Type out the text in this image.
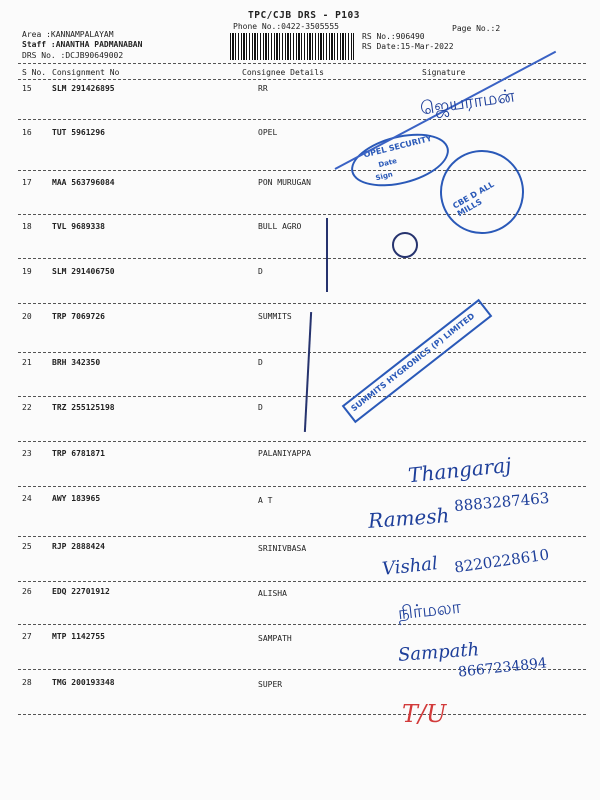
TPC/CJB DRS - P103
Phone No.:0422-3505555	Page No.:2
Area :KANNAMPALAYAM
Staff :ANANTHA PADMANABAN
DRS No. :DCJB90649002
RS No.:906490
RS Date:15-Mar-2022
S No. Consignment No	Consignee Details	Signature
15	SLM 291426895	RR
16	TUT 5961296	OPEL
17	MAA 563796084	PON MURUGAN
18	TVL 9689338	BULL AGRO
19	SLM 291406750	D
20	TRP 7069726	SUMMITS
21	BRH 342350	D
22	TRZ 255125198	D
23	TRP 6781871	PALANIYAPPA
24	AWY 183965	A T
25	RJP 2888424	SRINIVBASA
26	EDQ 22701912	ALISHA
27	MTP 1142755	SAMPATH
28	TMG 200193348	SUPER
OPEL SECURITY
Date
Sign
CBE D ALL MILLS
SUMMITS HYGRONICS (P) LIMITED
ஜெயராமன்
Thangaraj
Ramesh
8883287463
Vishal 8220228610
நிர்மலா
Sampath
8667234894
T/U
